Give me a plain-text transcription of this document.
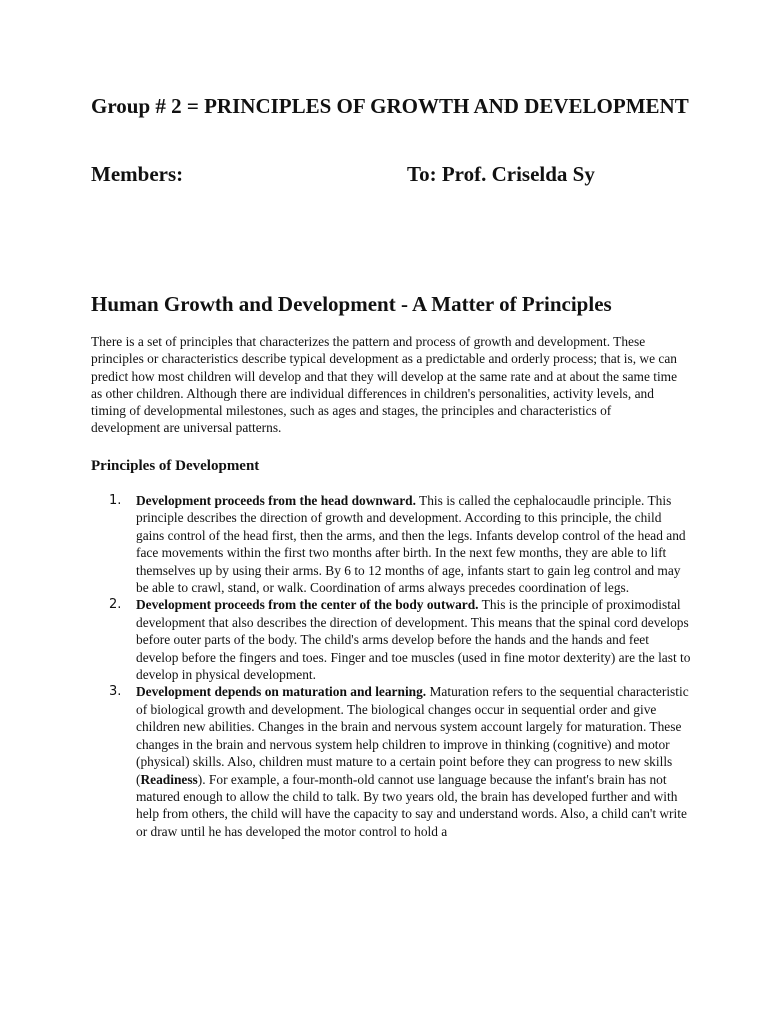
Group # 2 = PRINCIPLES OF GROWTH AND DEVELOPMENT
Members:	To: Prof. Criselda Sy
Human Growth and Development - A Matter of Principles

There is a set of principles that characterizes the pattern and process of growth and development. These principles or characteristics describe typical development as a predictable and orderly process; that is, we can predict how most children will develop and that they will develop at the same rate and at about the same time as other children. Although there are individual differences in children's personalities, activity levels, and timing of developmental milestones, such as ages and stages, the principles and characteristics of development are universal patterns.

Principles of Development
1. Development proceeds from the head downward. This is called the cephalocaudle principle. This principle describes the direction of growth and development. According to this principle, the child gains control of the head first, then the arms, and then the legs. Infants develop control of the head and face movements within the first two months after birth. In the next few months, they are able to lift themselves up by using their arms. By 6 to 12 months of age, infants start to gain leg control and may be able to crawl, stand, or walk. Coordination of arms always precedes coordination of legs.
2. Development proceeds from the center of the body outward. This is the principle of proximodistal development that also describes the direction of development. This means that the spinal cord develops before outer parts of the body. The child's arms develop before the hands and the hands and feet develop before the fingers and toes. Finger and toe muscles (used in fine motor dexterity) are the last to develop in physical development.
3. Development depends on maturation and learning. Maturation refers to the sequential characteristic of biological growth and development. The biological changes occur in sequential order and give children new abilities. Changes in the brain and nervous system account largely for maturation. These changes in the brain and nervous system help children to improve in thinking (cognitive) and motor (physical) skills. Also, children must mature to a certain point before they can progress to new skills (Readiness). For example, a four-month-old cannot use language because the infant's brain has not matured enough to allow the child to talk. By two years old, the brain has developed further and with help from others, the child will have the capacity to say and understand words. Also, a child can't write or draw until he has developed the motor control to hold a
